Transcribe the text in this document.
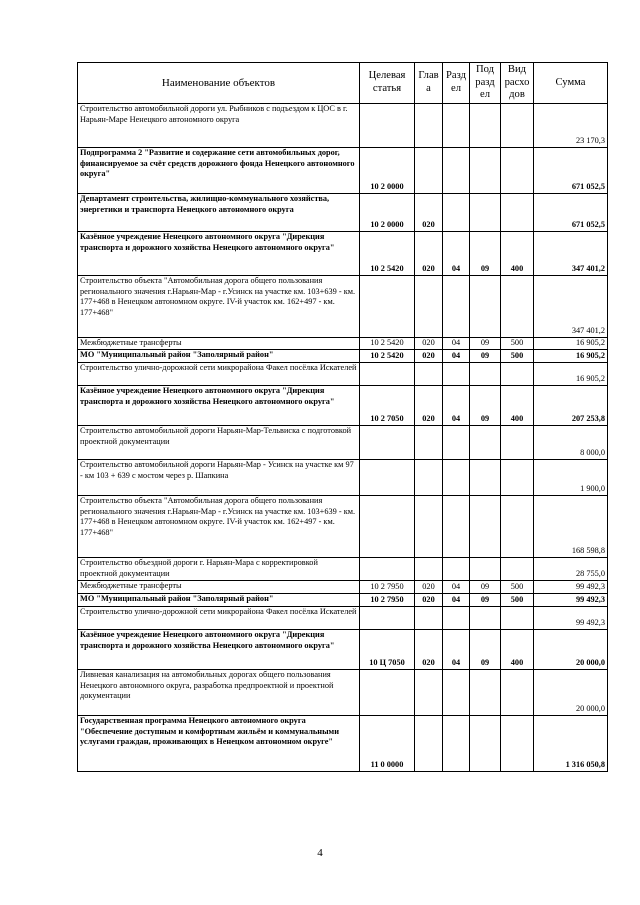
Наименование объектов	Целевая статья	Глав а	Разд ел	Под разд ел	Вид расхо дов	Сумма
Строительство автомобильной дороги ул. Рыбников с подъездом к ЦОС в г. Нарьян-Маре Ненецкого автономного округа						23 170,3
Подпрограмма 2 "Развитие и содержание сети автомобильных дорог, финансируемое за счёт средств дорожного фонда Ненецкого автономного округа"	10 2 0000					671 052,5
Департамент строительства, жилищно-коммунального хозяйства, энергетики и транспорта Ненецкого автономного округа	10 2 0000	020				671 052,5
Казённое учреждение Ненецкого автономного округа "Дирекция транспорта и дорожного хозяйства Ненецкого автономного округа"	10 2 5420	020	04	09	400	347 401,2
Строительство объекта "Автомобильная дорога общего пользования регионального значения г.Нарьян-Мар - г.Усинск на участке км. 103+639 - км. 177+468 в Ненецком автономном округе. IV-й участок км. 162+497 - км. 177+468"						347 401,2
Межбюджетные трансферты	10 2 5420	020	04	09	500	16 905,2
МО "Муниципальный район "Заполярный район"	10 2 5420	020	04	09	500	16 905,2
Строительство улично-дорожной сети микрорайона Факел посёлка Искателей						16 905,2
Казённое учреждение Ненецкого автономного округа "Дирекция транспорта и дорожного хозяйства Ненецкого автономного округа"	10 2 7050	020	04	09	400	207 253,8
Строительство автомобильной дороги Нарьян-Мар-Тельвиска с подготовкой проектной документации						8 000,0
Строительство автомобильной дороги Нарьян-Мар - Усинск на участке км 97 - км 103 + 639 с мостом через р. Шапкина						1 900,0
Строительство объекта "Автомобильная дорога общего пользования регионального значения г.Нарьян-Мар - г.Усинск на участке км. 103+639 - км. 177+468 в Ненецком автономном округе. IV-й участок км. 162+497 - км. 177+468"						168 598,8
Строительство объездной дороги г. Нарьян-Мара с корректировкой проектной документации						28 755,0
Межбюджетные трансферты	10 2 7950	020	04	09	500	99 492,3
МО "Муниципальный район "Заполярный район"	10 2 7950	020	04	09	500	99 492,3
Строительство улично-дорожной сети микрорайона Факел посёлка Искателей						99 492,3
Казённое учреждение Ненецкого автономного округа "Дирекция транспорта и дорожного хозяйства Ненецкого автономного округа"	10 Ц 7050	020	04	09	400	20 000,0
Ливневая канализация на автомобильных дорогах общего пользования Ненецкого автономного округа, разработка предпроектной и проектной документации						20 000,0
Государственная программа Ненецкого автономного округа "Обеспечение доступным и комфортным жильём и коммунальными услугами граждан, проживающих в Ненецком автономном округе"	11 0 0000					1 316 050,8
4
